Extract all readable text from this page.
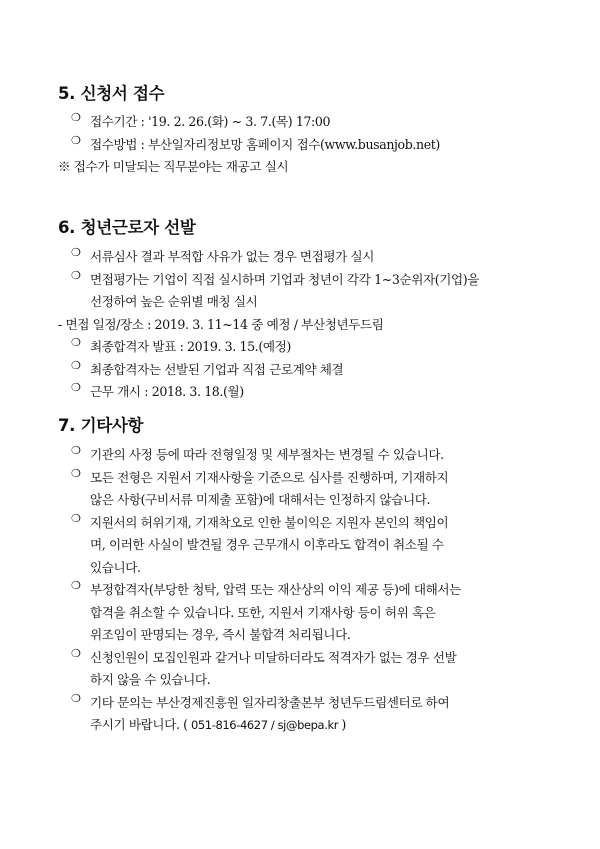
5. 신청서 접수
❍ 접수기간 : '19. 2. 26.(화) ~ 3. 7.(목) 17:00
❍ 접수방법 : 부산일자리정보망 홈페이지 접수(www.busanjob.net)
※ 접수가 미달되는 직무분야는 재공고 실시
6. 청년근로자 선발
❍ 서류심사 결과 부적합 사유가 없는 경우 면접평가 실시
❍ 면접평가는 기업이 직접 실시하며 기업과 청년이 각각 1~3순위자(기업)을
선정하여 높은 순위별 매칭 실시
- 면접 일정/장소 : 2019. 3. 11~14 중 예정 / 부산청년두드림
❍ 최종합격자 발표 : 2019. 3. 15.(예정)
❍ 최종합격자는 선발된 기업과 직접 근로계약 체결
❍ 근무 개시 : 2018. 3. 18.(월)
7. 기타사항
❍ 기관의 사정 등에 따라 전형일정 및 세부절차는 변경될 수 있습니다.
❍ 모든 전형은 지원서 기재사항을 기준으로 심사를 진행하며, 기재하지
않은 사항(구비서류 미제출 포함)에 대해서는 인정하지 않습니다.
❍ 지원서의 허위기재, 기재착오로 인한 불이익은 지원자 본인의 책임이
며, 이러한 사실이 발견될 경우 근무개시 이후라도 합격이 취소될 수
있습니다.
❍ 부정합격자(부당한 청탁, 압력 또는 재산상의 이익 제공 등)에 대해서는
합격을 취소할 수 있습니다. 또한, 지원서 기재사항 등이 허위 혹은
위조임이 판명되는 경우, 즉시 불합격 처리됩니다.
❍ 신청인원이 모집인원과 같거나 미달하더라도 적격자가 없는 경우 선발
하지 않을 수 있습니다.
❍ 기타 문의는 부산경제진흥원 일자리창출본부 청년두드림센터로 하여
주시기 바랍니다. ( 051-816-4627 / sj@bepa.kr )
